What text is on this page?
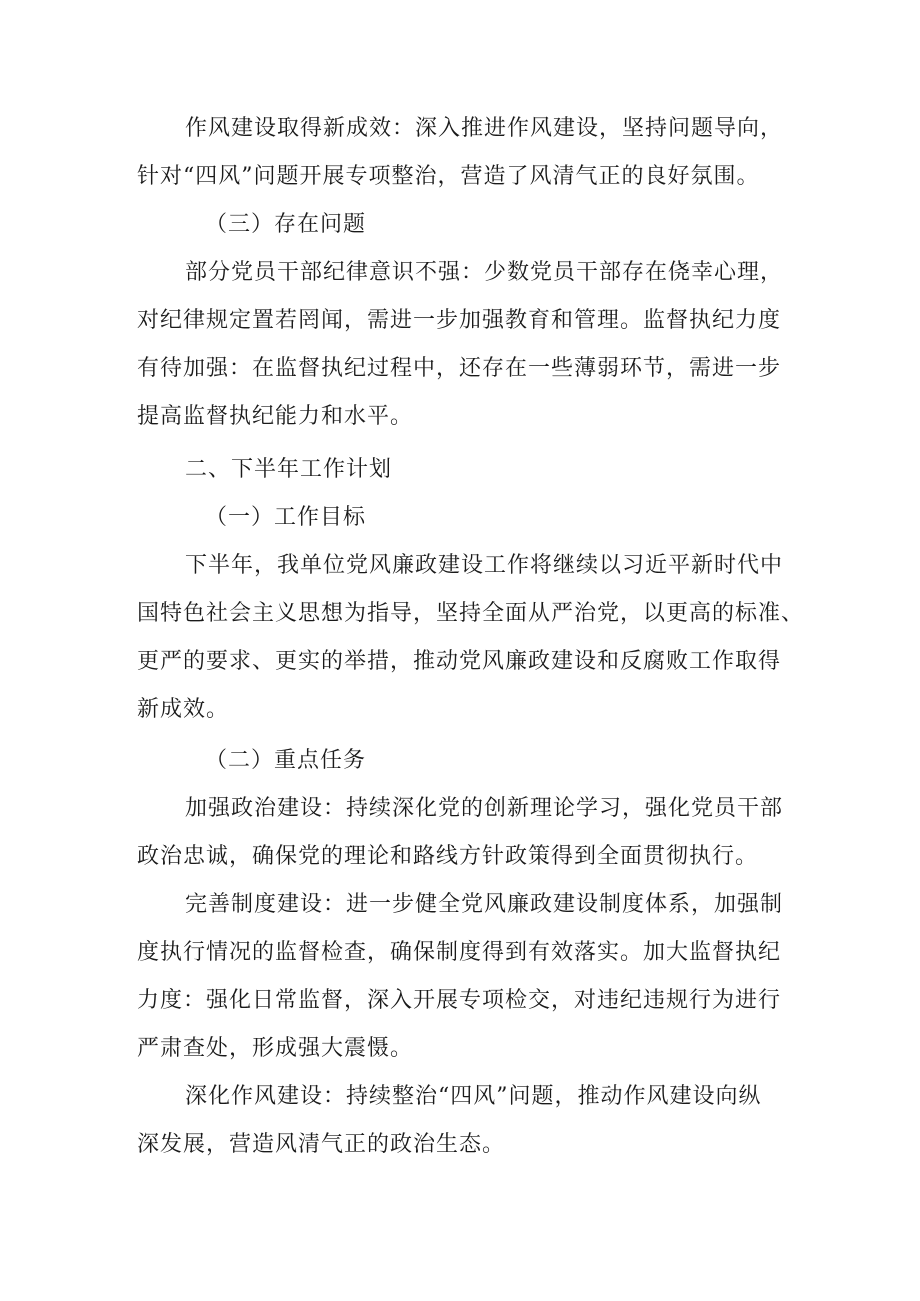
作风建设取得新成效：深入推进作风建设，坚持问题导向，
针对“四风”问题开展专项整治，营造了风清气正的良好氛围。
（三）存在问题
部分党员干部纪律意识不强：少数党员干部存在侥幸心理，
对纪律规定置若罔闻，需进一步加强教育和管理。监督执纪力度
有待加强：在监督执纪过程中，还存在一些薄弱环节，需进一步
提高监督执纪能力和水平。
二、下半年工作计划
（一）工作目标
下半年，我单位党风廉政建设工作将继续以习近平新时代中
国特色社会主义思想为指导，坚持全面从严治党，以更高的标准、
更严的要求、更实的举措，推动党风廉政建设和反腐败工作取得
新成效。
（二）重点任务
加强政治建设：持续深化党的创新理论学习，强化党员干部
政治忠诚，确保党的理论和路线方针政策得到全面贯彻执行。
完善制度建设：进一步健全党风廉政建设制度体系，加强制
度执行情况的监督检查，确保制度得到有效落实。加大监督执纪
力度：强化日常监督，深入开展专项检交，对违纪违规行为进行
严肃查处，形成强大震慑。
深化作风建设：持续整治“四风”问题，推动作风建设向纵
深发展，营造风清气正的政治生态。
